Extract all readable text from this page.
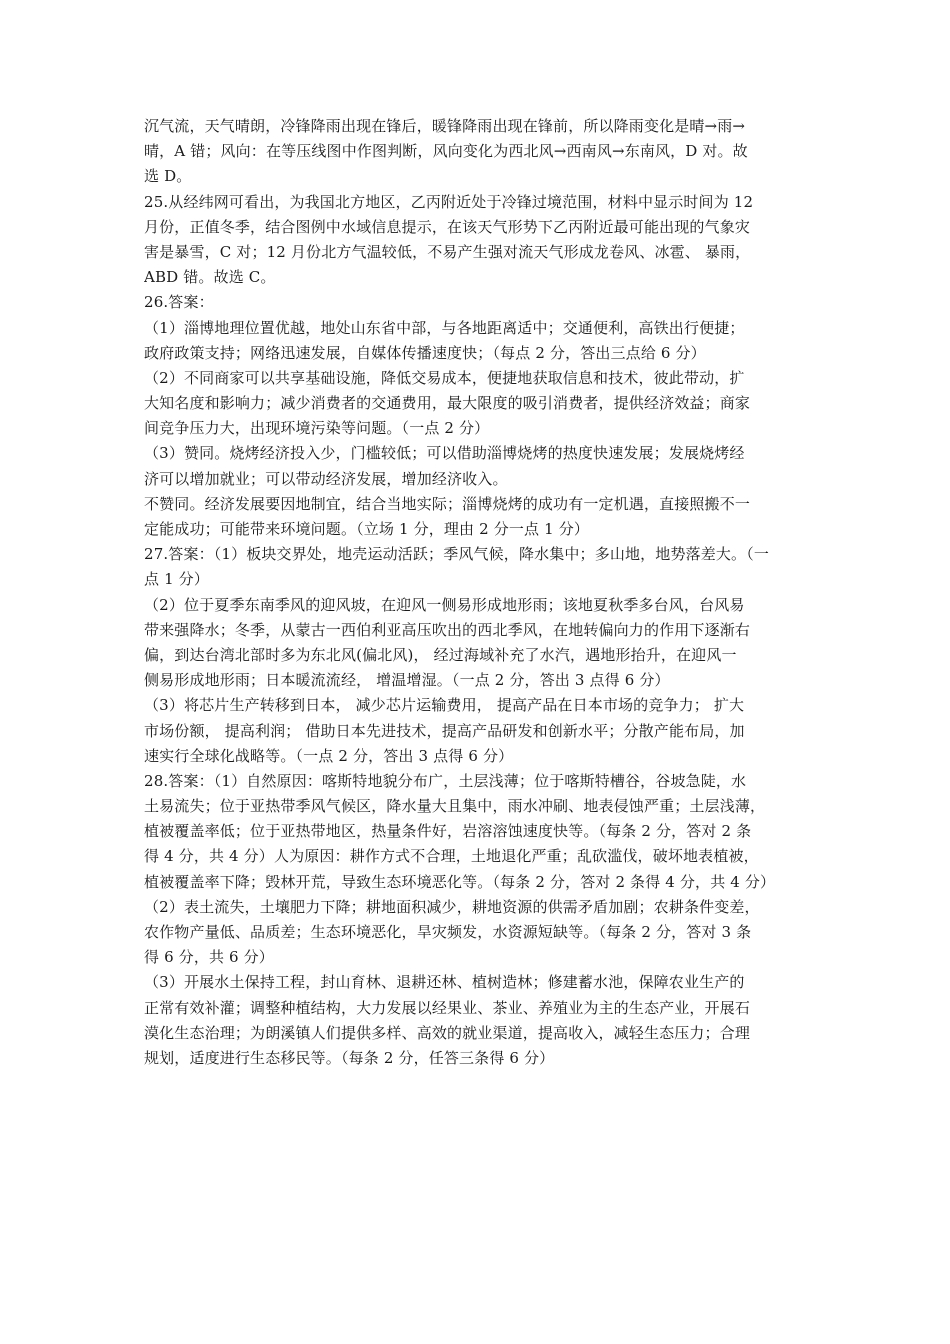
沉气流，天气晴朗，冷锋降雨出现在锋后，暖锋降雨出现在锋前，所以降雨变化是晴→雨→
晴，A 错；风向：在等压线图中作图判断，风向变化为西北风→西南风→东南风，D 对。故
选 D。
25.从经纬网可看出，为我国北方地区，乙丙附近处于冷锋过境范围，材料中显示时间为 12
月份，正值冬季，结合图例中水域信息提示，在该天气形势下乙丙附近最可能出现的气象灾
害是暴雪，C 对；12 月份北方气温较低，不易产生强对流天气形成龙卷风、冰雹、 暴雨，
ABD 错。故选 C。
26.答案：
（1）淄博地理位置优越，地处山东省中部，与各地距离适中；交通便利，高铁出行便捷；
政府政策支持；网络迅速发展，自媒体传播速度快；（每点 2 分，答出三点给 6 分）
（2）不同商家可以共享基础设施，降低交易成本，便捷地获取信息和技术，彼此带动，扩
大知名度和影响力；减少消费者的交通费用，最大限度的吸引消费者，提供经济效益；商家
间竞争压力大，出现环境污染等问题。（一点 2 分）
（3）赞同。烧烤经济投入少，门槛较低；可以借助淄博烧烤的热度快速发展；发展烧烤经
济可以增加就业；可以带动经济发展，增加经济收入。
不赞同。经济发展要因地制宜，结合当地实际；淄博烧烤的成功有一定机遇，直接照搬不一
定能成功；可能带来环境问题。（立场 1 分，理由 2 分一点 1 分）
27.答案：（1）板块交界处，地壳运动活跃；季风气候，降水集中；多山地，地势落差大。（一
点 1 分）
（2）位于夏季东南季风的迎风坡，在迎风一侧易形成地形雨；该地夏秋季多台风，台风易
带来强降水；冬季，从蒙古一西伯利亚高压吹出的西北季风，在地转偏向力的作用下逐渐右
偏，到达台湾北部时多为东北风(偏北风)， 经过海域补充了水汽，遇地形抬升，在迎风一
侧易形成地形雨；日本暖流流经， 增温增湿。（一点 2 分，答出 3 点得 6 分）
（3）将芯片生产转移到日本， 减少芯片运输费用， 提高产品在日本市场的竞争力； 扩大
市场份额， 提高利润； 借助日本先进技术，提高产品研发和创新水平；分散产能布局，加
速实行全球化战略等。（一点 2 分，答出 3 点得 6 分）
28.答案：（1）自然原因：喀斯特地貌分布广，土层浅薄；位于喀斯特槽谷，谷坡急陡，水
土易流失；位于亚热带季风气候区，降水量大且集中，雨水冲刷、地表侵蚀严重；土层浅薄，
植被覆盖率低；位于亚热带地区，热量条件好，岩溶溶蚀速度快等。（每条 2 分，答对 2 条
得 4 分，共 4 分）人为原因：耕作方式不合理，土地退化严重；乱砍滥伐，破坏地表植被，
植被覆盖率下降；毁林开荒，导致生态环境恶化等。（每条 2 分，答对 2 条得 4 分，共 4 分）
（2）表土流失，土壤肥力下降；耕地面积减少，耕地资源的供需矛盾加剧；农耕条件变差，
农作物产量低、品质差；生态环境恶化，旱灾频发，水资源短缺等。（每条 2 分，答对 3 条
得 6 分，共 6 分）
（3）开展水土保持工程，封山育林、退耕还林、植树造林；修建蓄水池，保障农业生产的
正常有效补灌；调整种植结构，大力发展以经果业、茶业、养殖业为主的生态产业，开展石
漠化生态治理；为朗溪镇人们提供多样、高效的就业渠道，提高收入，减轻生态压力；合理
规划，适度进行生态移民等。（每条 2 分，任答三条得 6 分）
